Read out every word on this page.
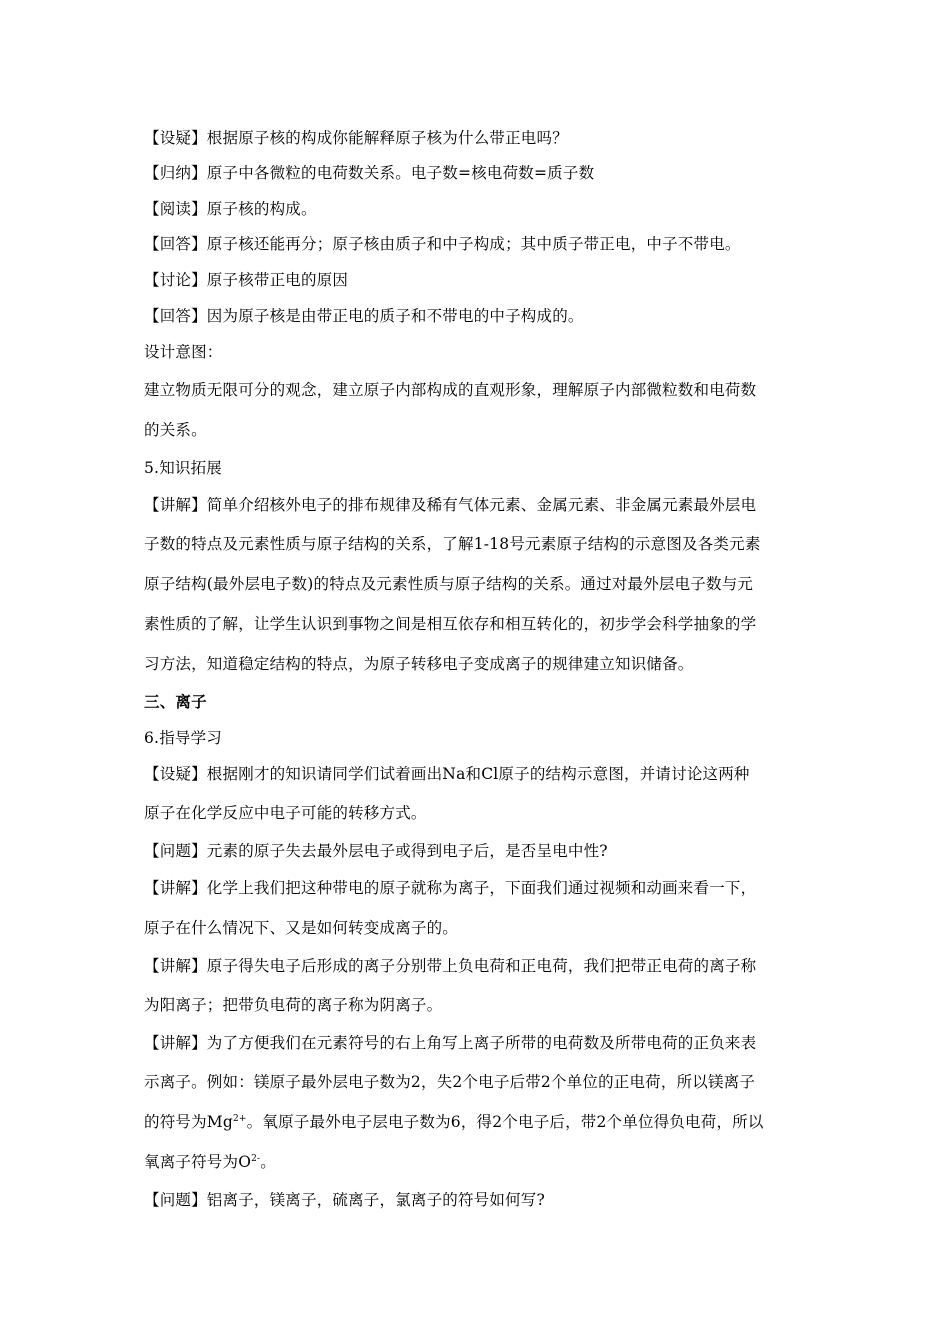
【设疑】根据原子核的构成你能解释原子核为什么带正电吗？
【归纳】原子中各微粒的电荷数关系。电子数=核电荷数=质子数
【阅读】原子核的构成。
【回答】原子核还能再分；原子核由质子和中子构成；其中质子带正电，中子不带电。
【讨论】原子核带正电的原因
【回答】因为原子核是由带正电的质子和不带电的中子构成的。
设计意图：
建立物质无限可分的观念，建立原子内部构成的直观形象，理解原子内部微粒数和电荷数
的关系。
5.知识拓展
【讲解】简单介绍核外电子的排布规律及稀有气体元素、金属元素、非金属元素最外层电
子数的特点及元素性质与原子结构的关系，了解1-18号元素原子结构的示意图及各类元素
原子结构(最外层电子数)的特点及元素性质与原子结构的关系。通过对最外层电子数与元
素性质的了解，让学生认识到事物之间是相互依存和相互转化的，初步学会科学抽象的学
习方法，知道稳定结构的特点，为原子转移电子变成离子的规律建立知识储备。
三、离子
6.指导学习
【设疑】根据刚才的知识请同学们试着画出Na和Cl原子的结构示意图，并请讨论这两种
原子在化学反应中电子可能的转移方式。
【问题】元素的原子失去最外层电子或得到电子后，是否呈电中性?
【讲解】化学上我们把这种带电的原子就称为离子，下面我们通过视频和动画来看一下，
原子在什么情况下、又是如何转变成离子的。
【讲解】原子得失电子后形成的离子分别带上负电荷和正电荷，我们把带正电荷的离子称
为阳离子；把带负电荷的离子称为阴离子。
【讲解】为了方便我们在元素符号的右上角写上离子所带的电荷数及所带电荷的正负来表
示离子。例如：镁原子最外层电子数为2，失2个电子后带2个单位的正电荷，所以镁离子
的符号为$Mg^{2+}$。氧原子最外电子层电子数为6，得2个电子后，带2个单位得负电荷，所以
氧离子符号为$O^{2-}$。
【问题】铝离子，镁离子，硫离子，氯离子的符号如何写?
